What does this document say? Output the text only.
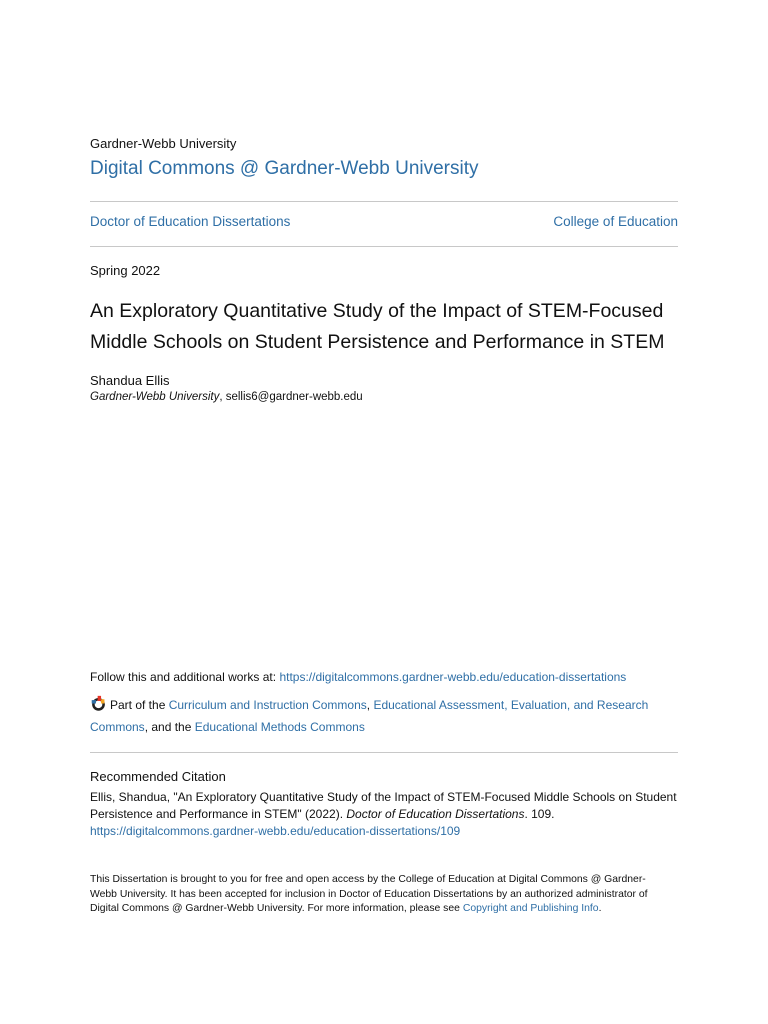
Gardner-Webb University
Digital Commons @ Gardner-Webb University
Doctor of Education Dissertations	College of Education
Spring 2022
An Exploratory Quantitative Study of the Impact of STEM-Focused Middle Schools on Student Persistence and Performance in STEM
Shandua Ellis
Gardner-Webb University, sellis6@gardner-webb.edu
Follow this and additional works at: https://digitalcommons.gardner-webb.edu/education-dissertations
Part of the Curriculum and Instruction Commons, Educational Assessment, Evaluation, and Research Commons, and the Educational Methods Commons
Recommended Citation
Ellis, Shandua, "An Exploratory Quantitative Study of the Impact of STEM-Focused Middle Schools on Student Persistence and Performance in STEM" (2022). Doctor of Education Dissertations. 109.
https://digitalcommons.gardner-webb.edu/education-dissertations/109
This Dissertation is brought to you for free and open access by the College of Education at Digital Commons @ Gardner-Webb University. It has been accepted for inclusion in Doctor of Education Dissertations by an authorized administrator of Digital Commons @ Gardner-Webb University. For more information, please see Copyright and Publishing Info.
